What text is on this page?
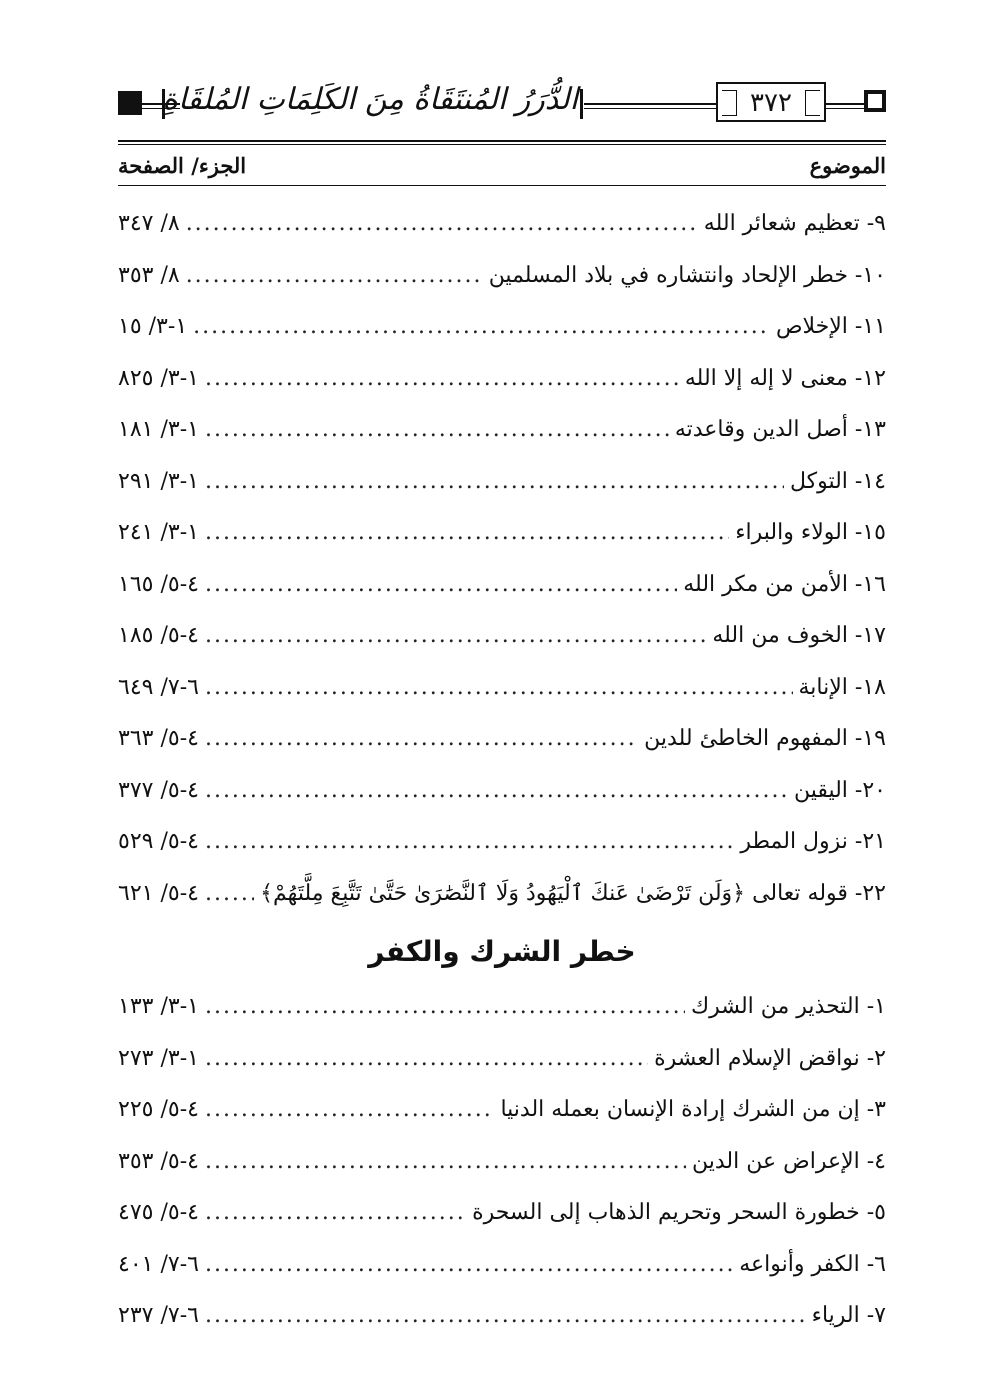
الدُّرَرُ المُنتَقَاةُ مِنَ الكَلِمَاتِ المُلقَاةِ	٣٧٢
الموضوع
الجزء/ الصفحة
٩- تعظيم شعائر الله
.....
٨/ ٣٤٧
١٠- خطر الإلحاد وانتشاره في بلاد المسلمين
.....
٨/ ٣٥٣
١١- الإخلاص
.....
١-٣/ ١٥
١٢- معنى لا إله إلا الله
.....
١-٣/ ٨٢٥
١٣- أصل الدين وقاعدته
.....
١-٣/ ١٨١
١٤- التوكل
.....
١-٣/ ٢٩١
١٥- الولاء والبراء
.....
١-٣/ ٢٤١
١٦- الأمن من مكر الله
.....
٤-٥/ ١٦٥
١٧- الخوف من الله
.....
٤-٥/ ١٨٥
١٨- الإنابة
.....
٦-٧/ ٦٤٩
١٩- المفهوم الخاطئ للدين
.....
٤-٥/ ٣٦٣
٢٠- اليقين
.....
٤-٥/ ٣٧٧
٢١- نزول المطر
.....
٤-٥/ ٥٢٩
٢٢- قوله تعالى ﴿وَلَن تَرْضَىٰ عَنكَ ٱلْيَهُودُ وَلَا ٱلنَّصَٰرَىٰ حَتَّىٰ تَتَّبِعَ مِلَّتَهُمْ﴾
.....
٤-٥/ ٦٢١
خطر الشرك والكفر
١- التحذير من الشرك
.....
١-٣/ ١٣٣
٢- نواقض الإسلام العشرة
.....
١-٣/ ٢٧٣
٣- إن من الشرك إرادة الإنسان بعمله الدنيا
.....
٤-٥/ ٢٢٥
٤- الإعراض عن الدين
.....
٤-٥/ ٣٥٣
٥- خطورة السحر وتحريم الذهاب إلى السحرة
.....
٤-٥/ ٤٧٥
٦- الكفر وأنواعه
.....
٦-٧/ ٤٠١
٧- الرياء
.....
٦-٧/ ٢٣٧
